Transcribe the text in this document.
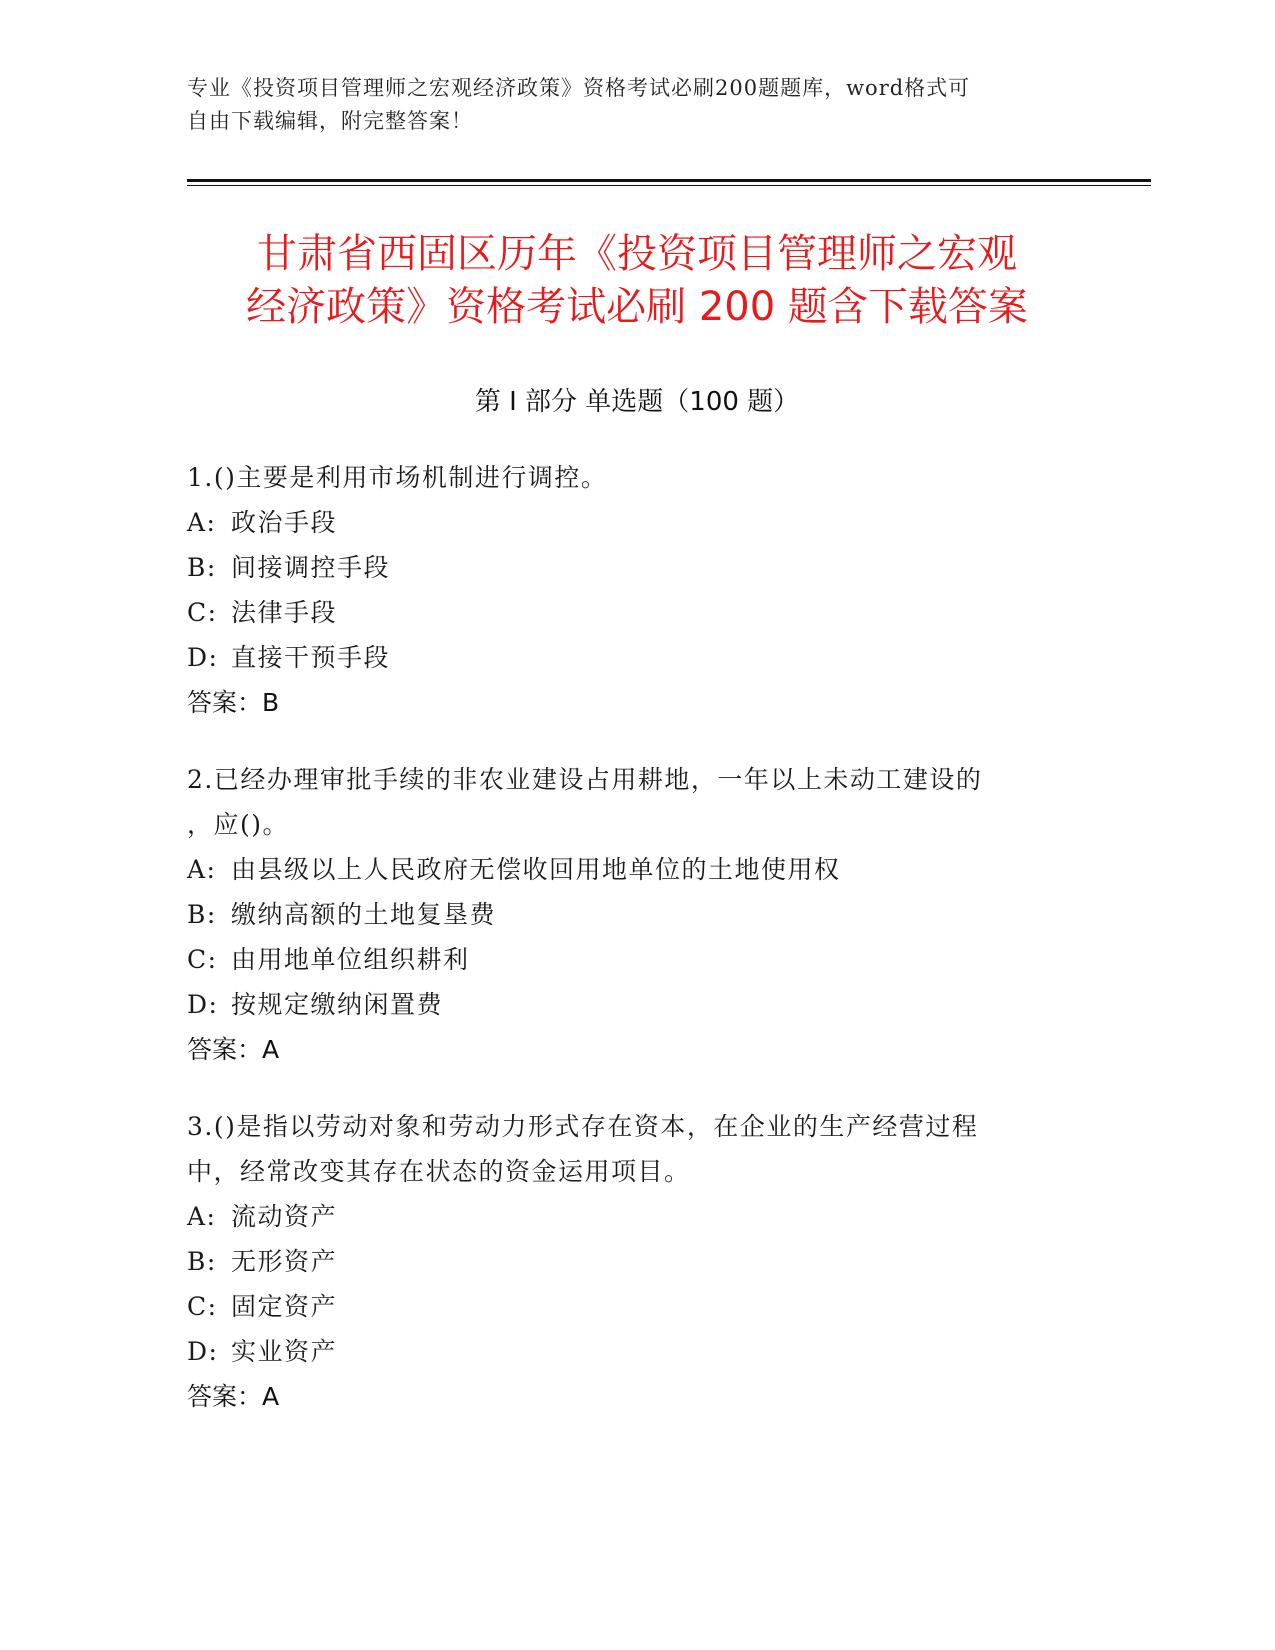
专业《投资项目管理师之宏观经济政策》资格考试必刷200题题库，word格式可
自由下载编辑，附完整答案！
甘肃省西固区历年《投资项目管理师之宏观
经济政策》资格考试必刷 200 题含下载答案
第 I 部分 单选题（100 题）
1.()主要是利用市场机制进行调控。
A: 政治手段
B: 间接调控手段
C: 法律手段
D: 直接干预手段
答案：B
2.已经办理审批手续的非农业建设占用耕地，一年以上未动工建设的
，应()。
A: 由县级以上人民政府无偿收回用地单位的土地使用权
B: 缴纳高额的土地复垦费
C: 由用地单位组织耕利
D: 按规定缴纳闲置费
答案：A
3.()是指以劳动对象和劳动力形式存在资本，在企业的生产经营过程
中，经常改变其存在状态的资金运用项目。
A: 流动资产
B: 无形资产
C: 固定资产
D: 实业资产
答案：A
